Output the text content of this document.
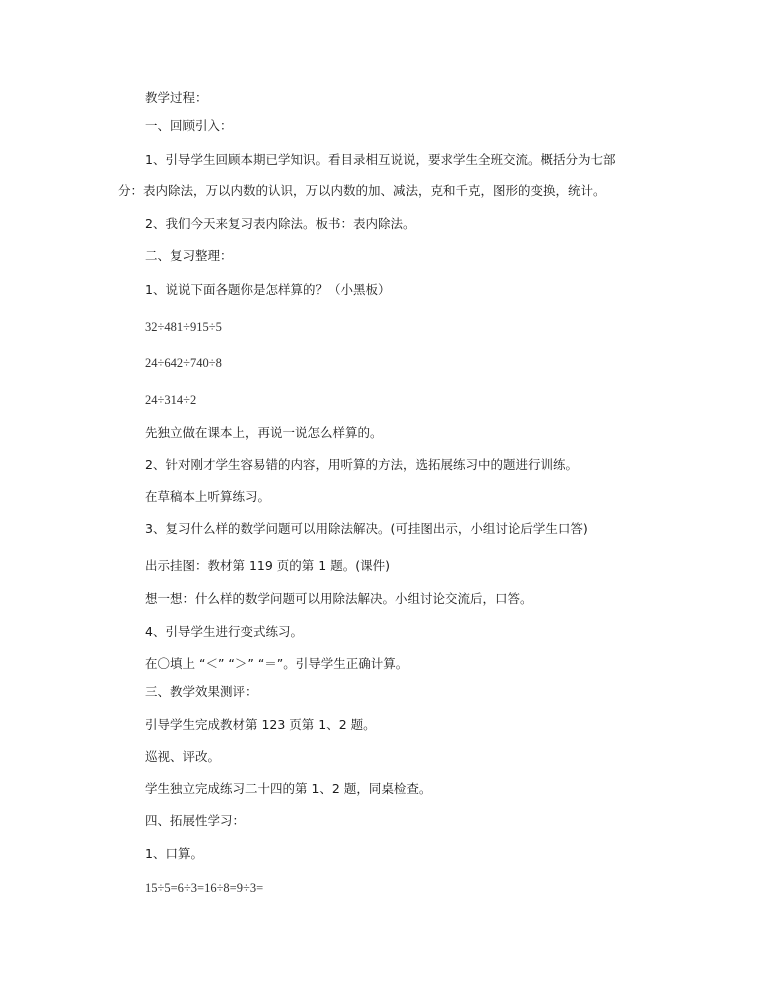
教学过程：
一、回顾引入：
1、引导学生回顾本期已学知识。看目录相互说说，要求学生全班交流。概括分为七部
分：表内除法，万以内数的认识，万以内数的加、减法，克和千克，图形的变换，统计。
2、我们今天来复习表内除法。板书：表内除法。
二、复习整理：
1、说说下面各题你是怎样算的？（小黑板）
32÷481÷915÷5
24÷642÷740÷8
24÷314÷2
先独立做在课本上，再说一说怎么样算的。
2、针对刚才学生容易错的内容，用听算的方法，选拓展练习中的题进行训练。
在草稿本上听算练习。
3、复习什么样的数学问题可以用除法解决。(可挂图出示，小组讨论后学生口答)
出示挂图：教材第 119 页的第 1 题。(课件)
想一想：什么样的数学问题可以用除法解决。小组讨论交流后，口答。
4、引导学生进行变式练习。
在〇填上 “＜” “＞” “＝”。引导学生正确计算。
三、教学效果测评：
引导学生完成教材第 123 页第 1、2 题。
巡视、评改。
学生独立完成练习二十四的第 1、2 题，同桌检查。
四、拓展性学习：
1、口算。
15÷5=6÷3=16÷8=9÷3=
